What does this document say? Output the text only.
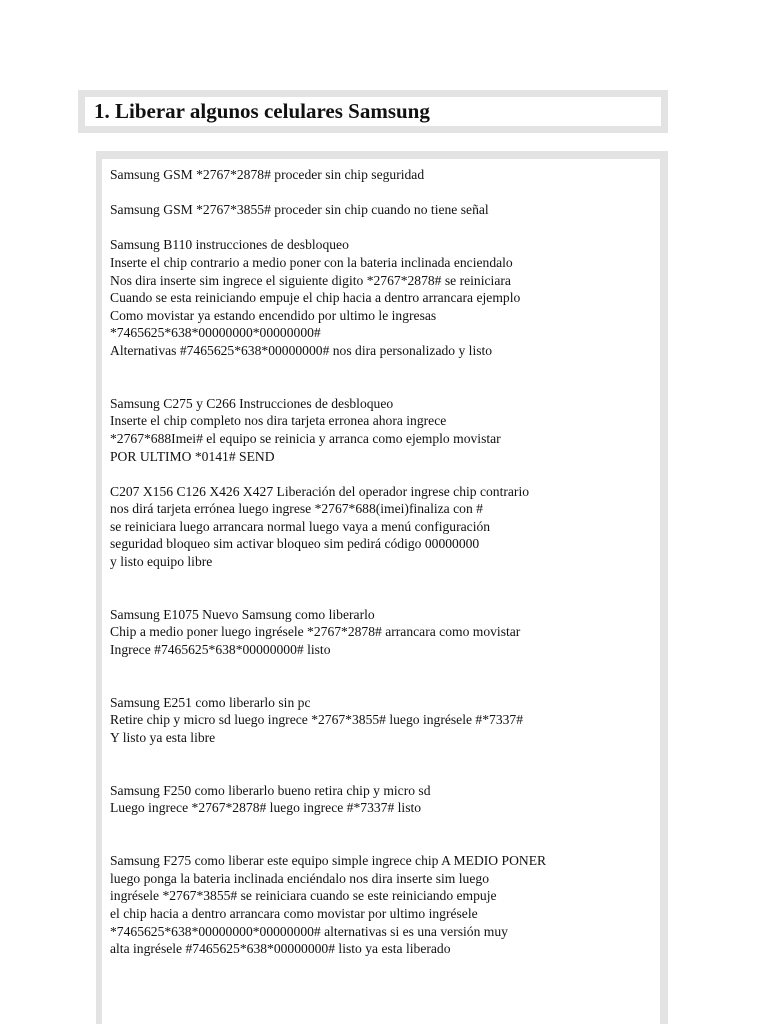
1. Liberar algunos celulares Samsung
Samsung GSM *2767*2878# proceder sin chip seguridad
Samsung GSM *2767*3855# proceder sin chip cuando no tiene señal
Samsung B110 instrucciones de desbloqueo
Inserte el chip contrario a medio poner con la bateria inclinada enciendalo
Nos dira inserte sim ingrece el siguiente digito *2767*2878# se reiniciara
Cuando se esta reiniciando empuje el chip hacia a dentro arrancara ejemplo
Como movistar ya estando encendido por ultimo le ingresas
*7465625*638*00000000*00000000#
Alternativas #7465625*638*00000000# nos dira personalizado y listo
Samsung C275 y C266 Instrucciones de desbloqueo
Inserte el chip completo nos dira tarjeta erronea ahora ingrece
*2767*688Imei# el equipo se reinicia y arranca como ejemplo movistar
POR ULTIMO *0141# SEND
C207 X156 C126 X426 X427 Liberación del operador ingrese chip contrario
nos dirá tarjeta errónea luego ingrese *2767*688(imei)finaliza con #
se reiniciara luego arrancara normal luego vaya a menú configuración
seguridad bloqueo sim activar bloqueo sim pedirá código 00000000
y listo equipo libre
Samsung E1075 Nuevo Samsung como liberarlo
Chip a medio poner luego ingrésele *2767*2878# arrancara como movistar
Ingrece #7465625*638*00000000# listo
Samsung E251 como liberarlo sin pc
Retire chip y micro sd luego ingrece *2767*3855# luego ingrésele #*7337#
Y listo ya esta libre
Samsung F250 como liberarlo bueno retira chip y micro sd
Luego ingrece *2767*2878# luego ingrece #*7337# listo
Samsung F275 como liberar este equipo simple ingrece chip A MEDIO PONER
luego ponga la bateria inclinada enciéndalo nos dira inserte sim luego
ingrésele *2767*3855# se reiniciara cuando se este reiniciando empuje
el chip hacia a dentro arrancara como movistar por ultimo ingrésele
*7465625*638*00000000*00000000# alternativas si es una versión muy
alta ingrésele #7465625*638*00000000# listo ya esta liberado
